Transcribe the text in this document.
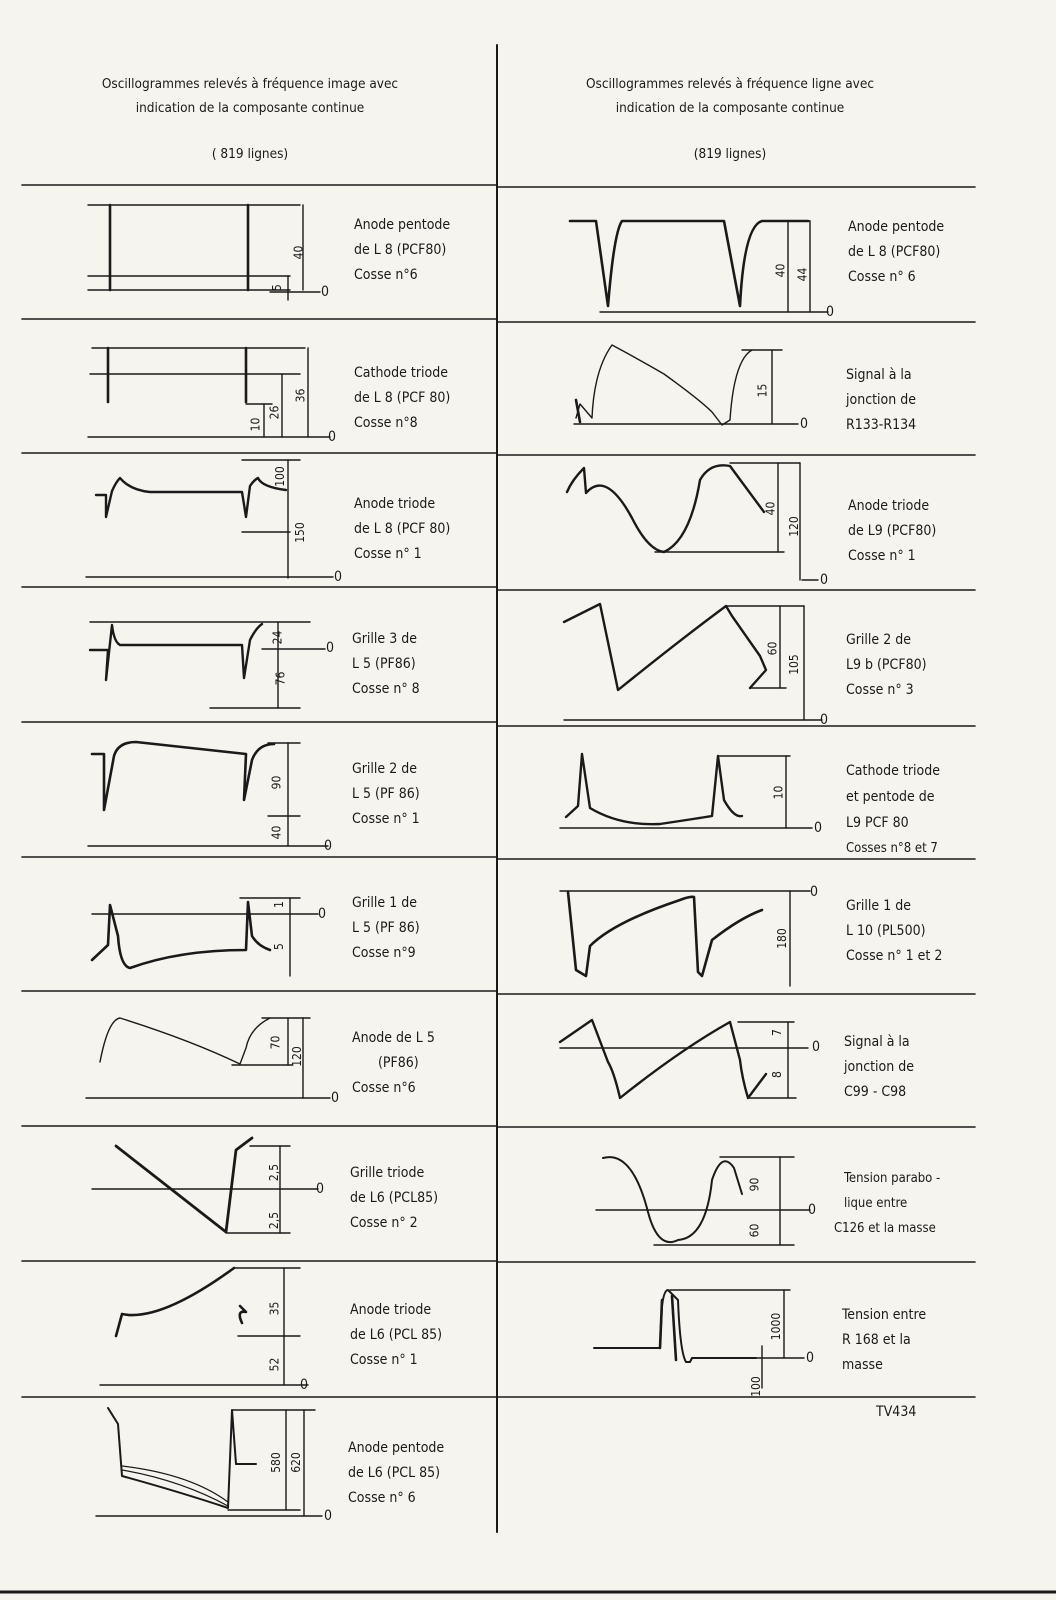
Oscillogrammes relevés à fréquence image avec
indication de la composante continue
( 819 lignes)
Oscillogrammes relevés à fréquence ligne avec
indication de la composante continue
(819 lignes)
40
5	0
36
26
10
0
100
150
0
24
0
76
90
40
0
1
0
5
70
120
0
2,5
0
2,5
35
52
0
580 620
0
40 44
0
15
0
40
120
0
60
105
0
10
0
0
180
7
0
8
90
0
60
1000
0
100
Anode pentode
de L 8 (PCF80)
Cosse n°6
Cathode triode
de L 8 (PCF 80)
Cosse n°8
Anode triode
de L 8 (PCF 80)
Cosse n° 1
Grille 3 de
L 5 (PF86)
Cosse n° 8
Grille 2 de
L 5 (PF 86)
Cosse n° 1
Grille 1 de
L 5 (PF 86)
Cosse n°9
Anode de L 5
(PF86)
Cosse n°6
Grille triode
de L6 (PCL85)
Cosse n° 2
Anode triode
de L6 (PCL 85)
Cosse n° 1
Anode pentode
de L6 (PCL 85)
Cosse n° 6
Anode pentode
de L 8 (PCF80)
Cosse n° 6
Signal à la
jonction de
R133-R134
Anode triode
de L9 (PCF80)
Cosse n° 1
Grille 2 de
L9 b (PCF80)
Cosse n° 3
Cathode triode
et pentode de
L9 PCF 80
Cosses n°8 et 7
Grille 1 de
L 10 (PL500)
Cosse n° 1 et 2
Signal à la
jonction de
C99 - C98
Tension parabo -
lique entre
C126 et la masse
Tension entre
R 168 et la
masse
TV434
